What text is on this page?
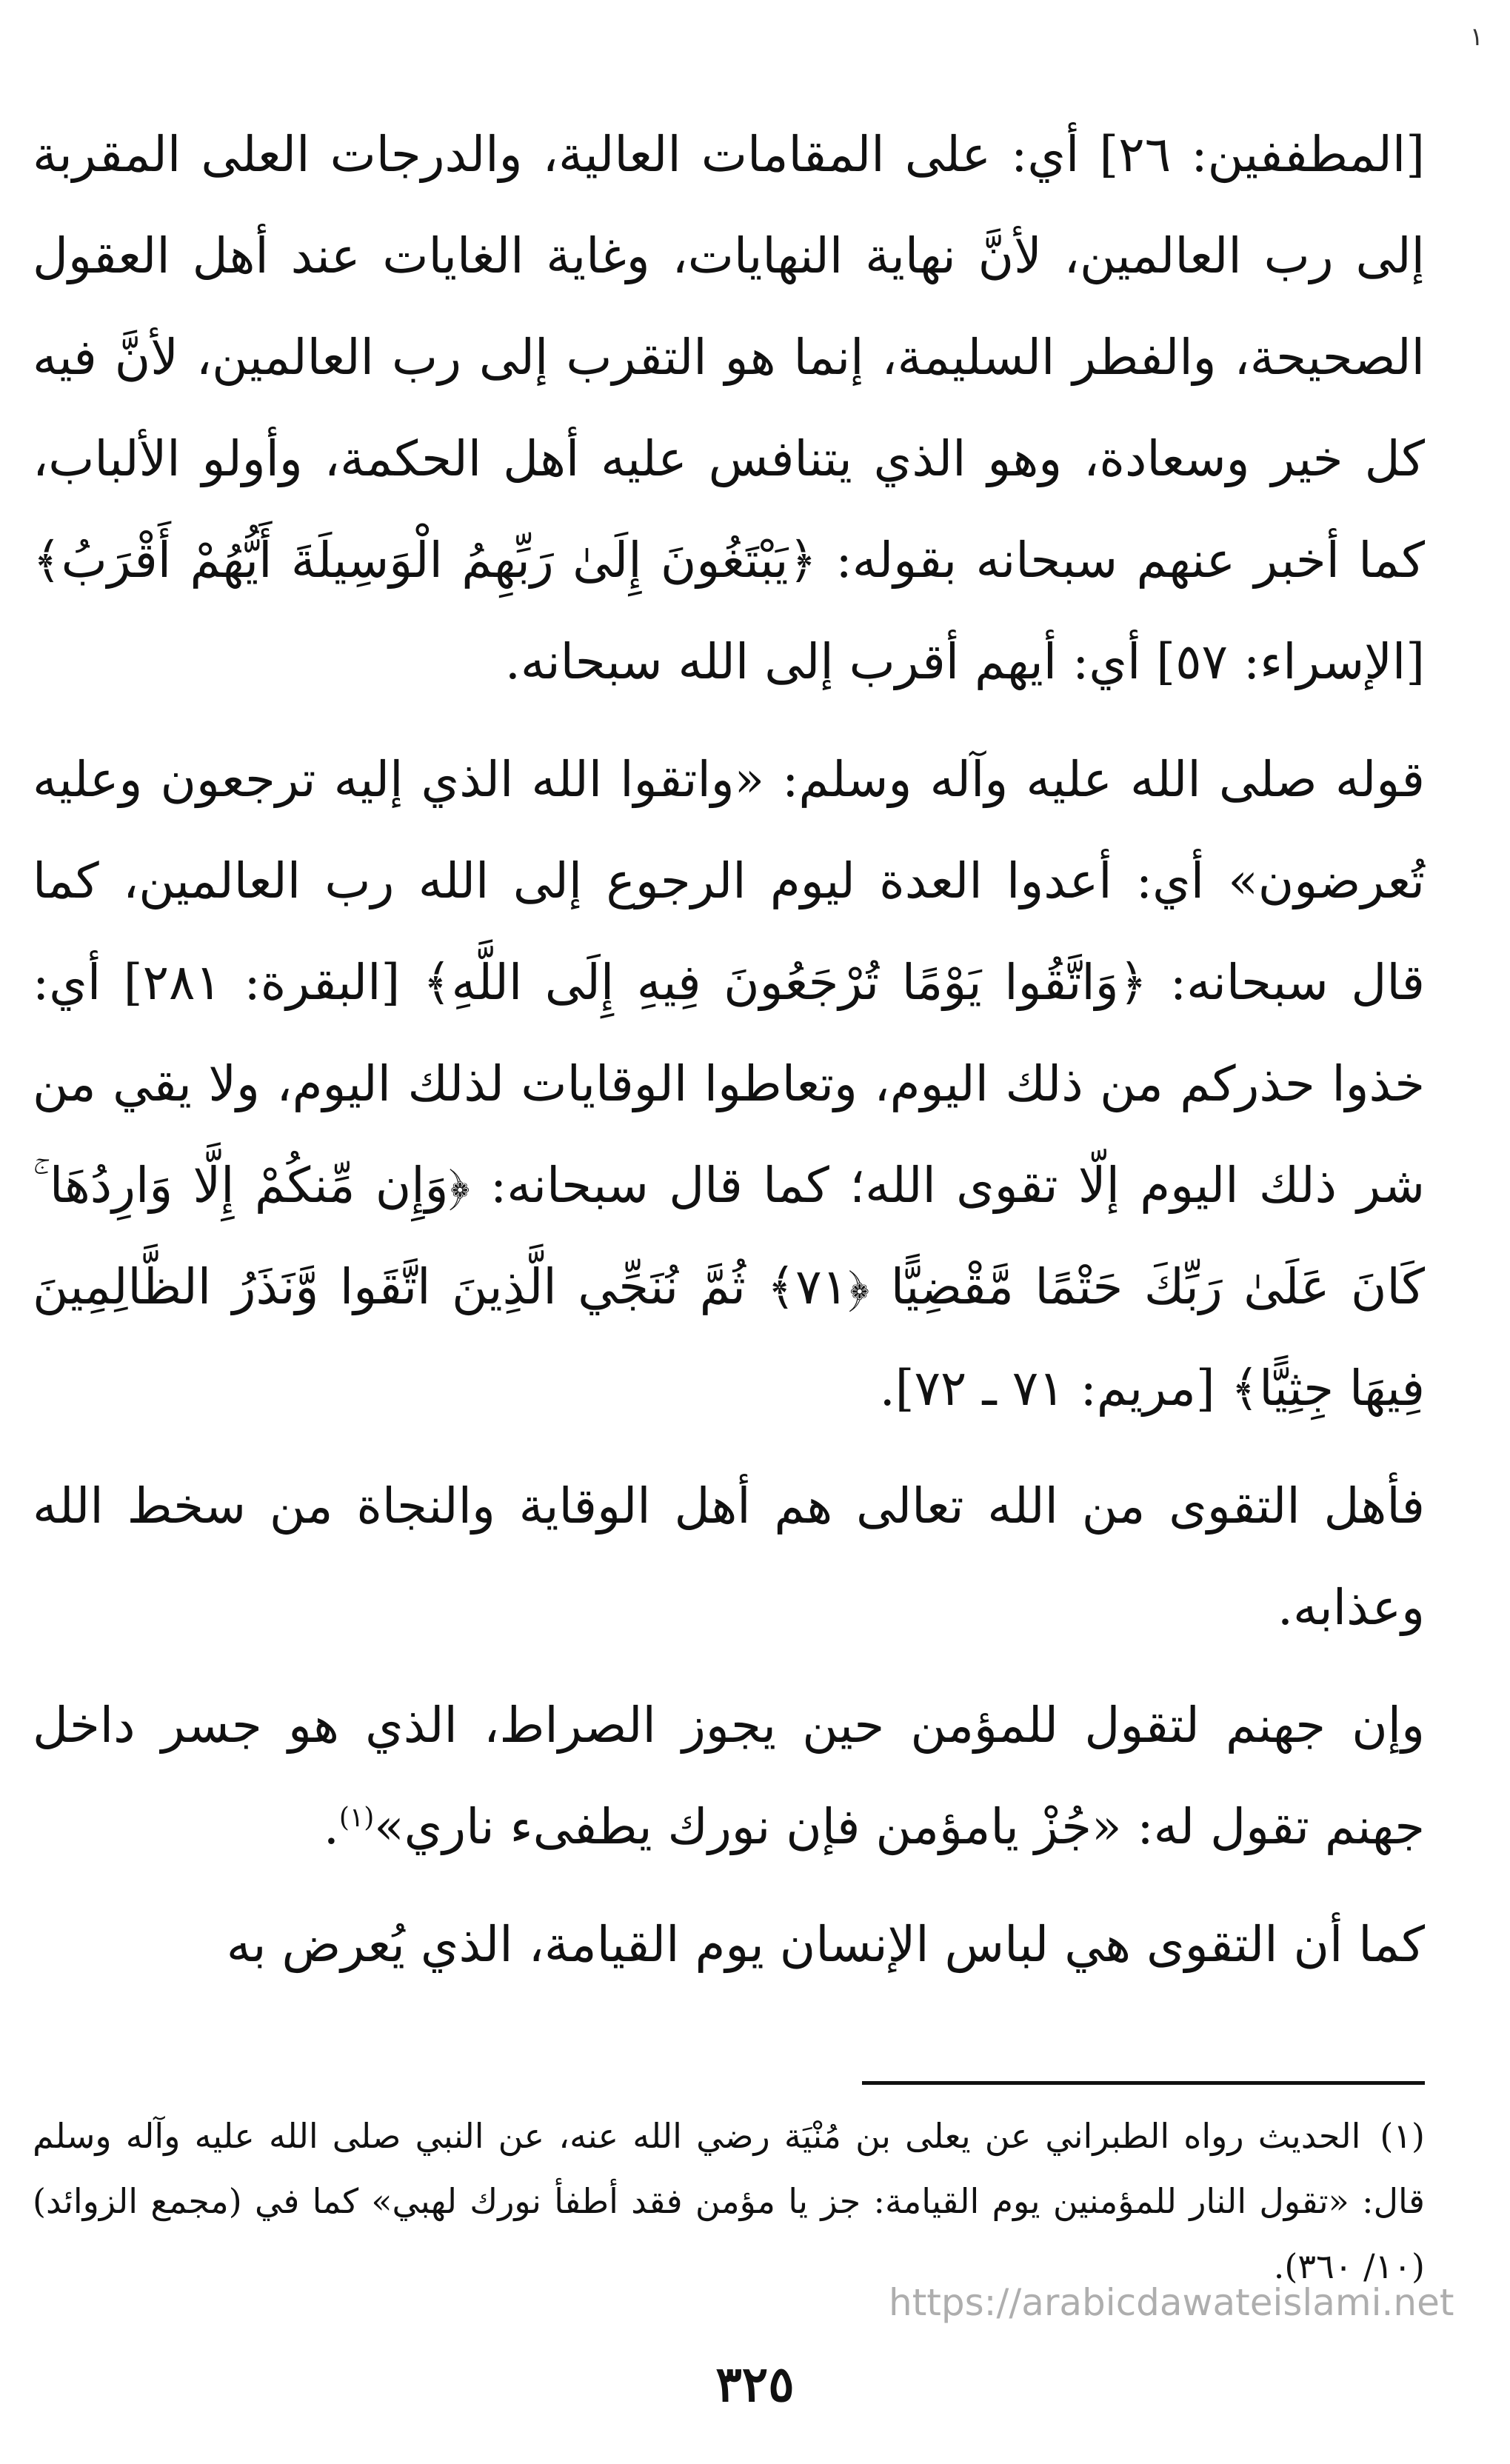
١

[المطففين: ٢٦] أي: على المقامات العالية، والدرجات العلى المقربة إلى رب العالمين، لأنَّ نهاية النهايات، وغاية الغايات عند أهل العقول الصحيحة، والفطر السليمة، إنما هو التقرب إلى رب العالمين، لأنَّ فيه كل خير وسعادة، وهو الذي يتنافس عليه أهل الحكمة، وأولو الألباب، كما أخبر عنهم سبحانه بقوله: ﴿يَبْتَغُونَ إِلَىٰ رَبِّهِمُ الْوَسِيلَةَ أَيُّهُمْ أَقْرَبُ﴾ [الإسراء: ٥٧] أي: أيهم أقرب إلى الله سبحانه.

قوله صلى الله عليه وآله وسلم: «واتقوا الله الذي إليه ترجعون وعليه تُعرضون» أي: أعدوا العدة ليوم الرجوع إلى الله رب العالمين، كما قال سبحانه: ﴿وَاتَّقُوا يَوْمًا تُرْجَعُونَ فِيهِ إِلَى اللَّهِ﴾ [البقرة: ٢٨١] أي: خذوا حذركم من ذلك اليوم، وتعاطوا الوقايات لذلك اليوم، ولا يقي من شر ذلك اليوم إلّا تقوى الله؛ كما قال سبحانه: ﴿وَإِن مِّنكُمْ إِلَّا وَارِدُهَا ۚ كَانَ عَلَىٰ رَبِّكَ حَتْمًا مَّقْضِيًّا ﴿٧١﴾ ثُمَّ نُنَجِّي الَّذِينَ اتَّقَوا وَّنَذَرُ الظَّالِمِينَ فِيهَا جِثِيًّا﴾ [مريم: ٧١ ـ ٧٢].

فأهل التقوى من الله تعالى هم أهل الوقاية والنجاة من سخط الله وعذابه.

وإن جهنم لتقول للمؤمن حين يجوز الصراط، الذي هو جسر داخل جهنم تقول له: «جُزْ يامؤمن فإن نورك يطفىء ناري»$^{(١)}$.

كما أن التقوى هي لباس الإنسان يوم القيامة، الذي يُعرض به

(١)الحديث رواه الطبراني عن يعلى بن مُنْيَة رضي الله عنه، عن النبي صلى الله عليه وآله وسلم قال: «تقول النار للمؤمنين يوم القيامة: جز يا مؤمن فقد أطفأ نورك لهبي» كما في (مجمع الزوائد) (١٠/ ٣٦٠).
https://arabicdawateislami.net
٣٢٥
